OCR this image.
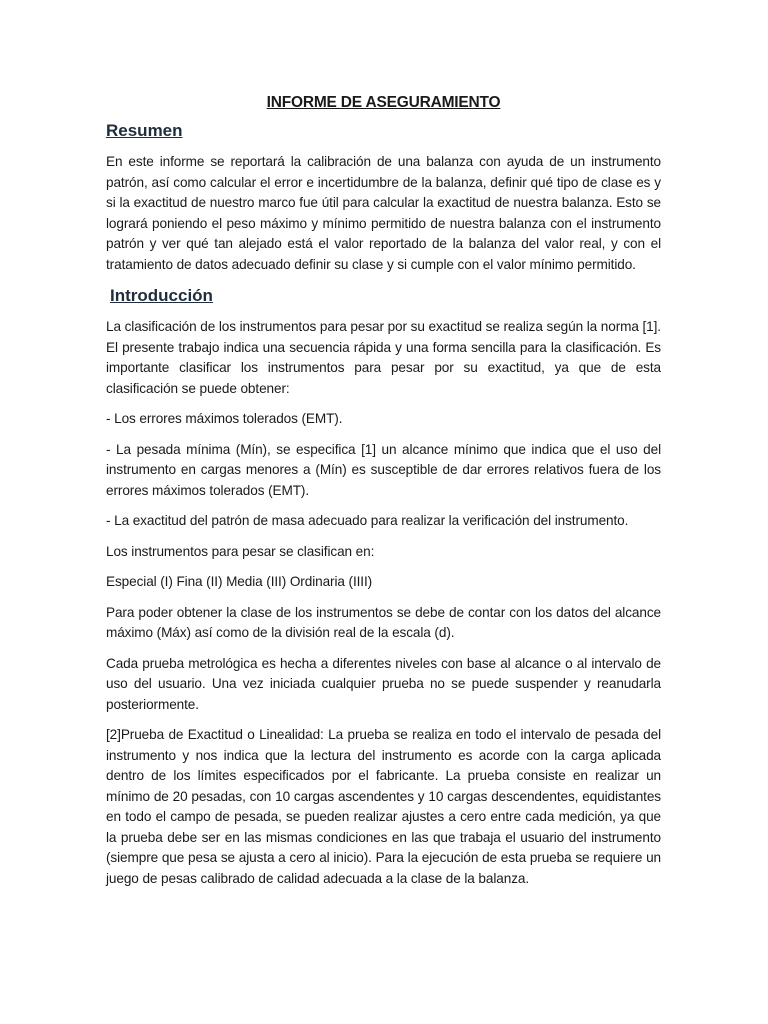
INFORME DE ASEGURAMIENTO
Resumen

En este informe se reportará la calibración de una balanza con ayuda de un instrumento patrón, así como calcular el error e incertidumbre de la balanza, definir qué tipo de clase es y si la exactitud de nuestro marco fue útil para calcular la exactitud de nuestra balanza. Esto se logrará poniendo el peso máximo y mínimo permitido de nuestra balanza con el instrumento patrón y ver qué tan alejado está el valor reportado de la balanza del valor real, y con el tratamiento de datos adecuado definir su clase y si cumple con el valor mínimo permitido.

Introducción

La clasificación de los instrumentos para pesar por su exactitud se realiza según la norma [1]. El presente trabajo indica una secuencia rápida y una forma sencilla para la clasificación. Es importante clasificar los instrumentos para pesar por su exactitud, ya que de esta clasificación se puede obtener:

- Los errores máximos tolerados (EMT).

- La pesada mínima (Mín), se especifica [1] un alcance mínimo que indica que el uso del instrumento en cargas menores a (Mín) es susceptible de dar errores relativos fuera de los errores máximos tolerados (EMT).

- La exactitud del patrón de masa adecuado para realizar la verificación del instrumento.

Los instrumentos para pesar se clasifican en:

Especial (I) Fina (II) Media (III) Ordinaria (IIII)

Para poder obtener la clase de los instrumentos se debe de contar con los datos del alcance máximo (Máx) así como de la división real de la escala (d).

Cada prueba metrológica es hecha a diferentes niveles con base al alcance o al intervalo de uso del usuario. Una vez iniciada cualquier prueba no se puede suspender y reanudarla posteriormente.

[2]Prueba de Exactitud o Linealidad: La prueba se realiza en todo el intervalo de pesada del instrumento y nos indica que la lectura del instrumento es acorde con la carga aplicada dentro de los límites especificados por el fabricante. La prueba consiste en realizar un mínimo de 20 pesadas, con 10 cargas ascendentes y 10 cargas descendentes, equidistantes en todo el campo de pesada, se pueden realizar ajustes a cero entre cada medición, ya que la prueba debe ser en las mismas condiciones en las que trabaja el usuario del instrumento (siempre que pesa se ajusta a cero al inicio). Para la ejecución de esta prueba se requiere un juego de pesas calibrado de calidad adecuada a la clase de la balanza.
